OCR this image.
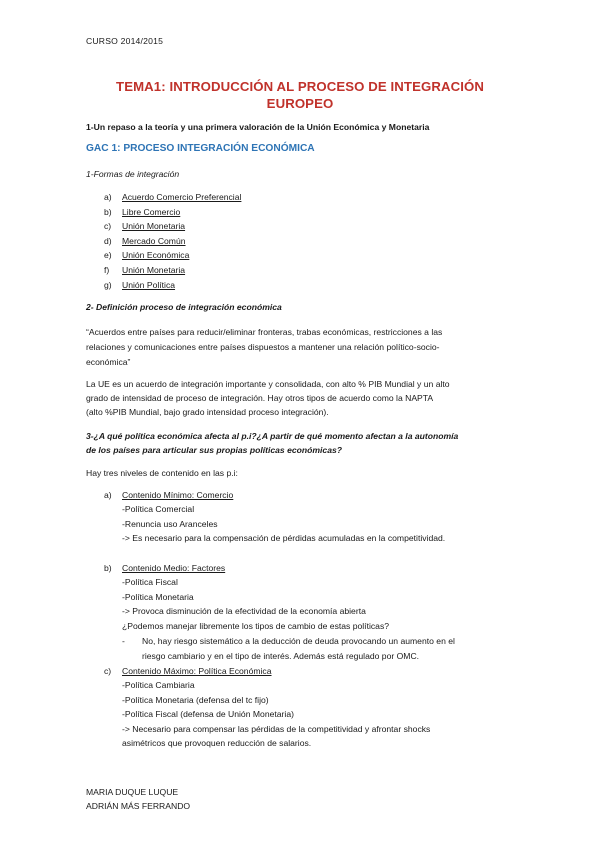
CURSO 2014/2015
TEMA1: INTRODUCCIÓN AL PROCESO DE INTEGRACIÓN
EUROPEO
1-Un repaso a la teoría y una primera valoración de la Unión Económica y Monetaria
GAC 1: PROCESO INTEGRACIÓN ECONÓMICA
1-Formas de integración
a) Acuerdo Comercio Preferencial
b) Libre Comercio
c) Unión Monetaria
d) Mercado Común
e) Unión Económica
f) Unión Monetaria
g) Unión Política
2- Definición proceso de integración económica
“Acuerdos entre países para reducir/eliminar fronteras, trabas económicas, restricciones a las
relaciones y comunicaciones entre países dispuestos a mantener una relación político-socio-
económica”
La UE es un acuerdo de integración importante y consolidada, con alto % PIB Mundial y un alto
grado de intensidad de proceso de integración. Hay otros tipos de acuerdo como la NAPTA
(alto %PIB Mundial, bajo grado intensidad proceso integración).
3-¿A qué política económica afecta al p.i?¿A partir de qué momento afectan a la autonomía
de los países para articular sus propias políticas económicas?
Hay tres niveles de contenido en las p.i:
a) Contenido Mínimo: Comercio
-Política Comercial
-Renuncia uso Aranceles
-> Es necesario para la compensación de pérdidas acumuladas en la competitividad.
b) Contenido Medio: Factores
-Política Fiscal
-Política Monetaria
-> Provoca disminución de la efectividad de la economía abierta
¿Podemos manejar libremente los tipos de cambio de estas políticas?
- No, hay riesgo sistemático a la deducción de deuda provocando un aumento en el
riesgo cambiario y en el tipo de interés. Además está regulado por OMC.
c) Contenido Máximo: Política Económica
-Política Cambiaria
-Política Monetaria (defensa del tc fijo)
-Política Fiscal (defensa de Unión Monetaria)
-> Necesario para compensar las pérdidas de la competitividad y afrontar shocks
asimétricos que provoquen reducción de salarios.
MARIA DUQUE LUQUE
ADRIÁN MÁS FERRANDO
